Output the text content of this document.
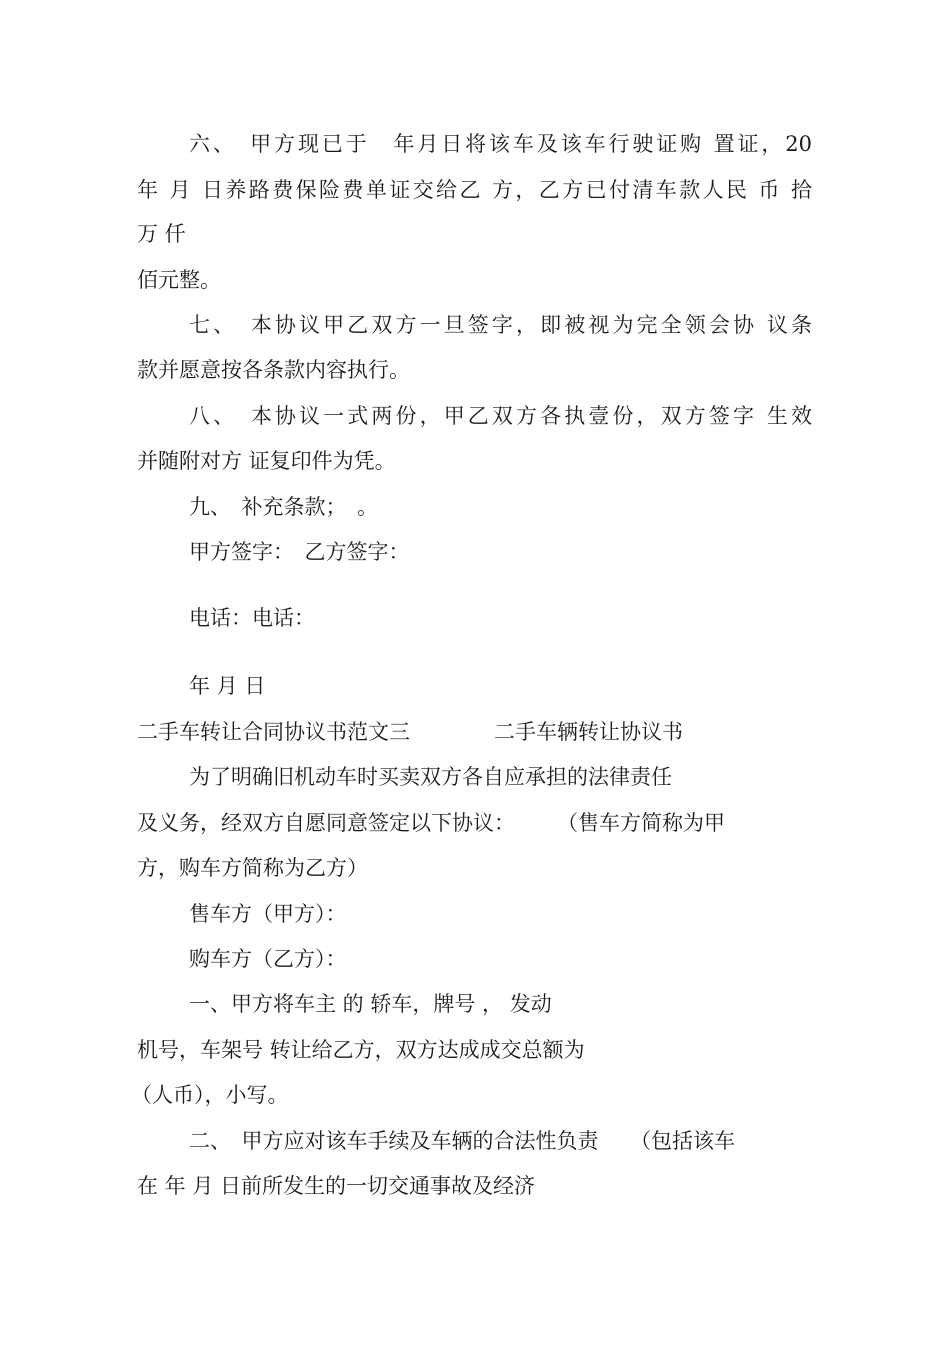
六、　甲方现已于　年月日将该车及该车行驶证购 置证，20

年 月 日养路费保险费单证交给乙 方，乙方已付清车款人民 币 拾

万 仟

佰元整。

七、　本协议甲乙双方一旦签字，即被视为完全领会协 议条

款并愿意按各条款内容执行。

八、　本协议一式两份，甲乙双方各执壹份，双方签字 生效

并随附对方 证复印件为凭。

九、　补充条款；　。

甲方签字：　乙方签字：

电话：电话：

年 月 日

二手车转让合同协议书范文三　　　　二手车辆转让协议书

为了明确旧机动车时买卖双方各自应承担的法律责任

及义务，经双方自愿同意签定以下协议：　　　（售车方简称为甲

方，购车方简称为乙方）

售车方（甲方）：

购车方（乙方）：

一、甲方将车主 的 轿车，牌号 ， 发动

机号，车架号 转让给乙方，双方达成成交总额为

（人币），小写。

二、　甲方应对该车手续及车辆的合法性负责　　（包括该车

在 年 月 日前所发生的一切交通事故及经济
